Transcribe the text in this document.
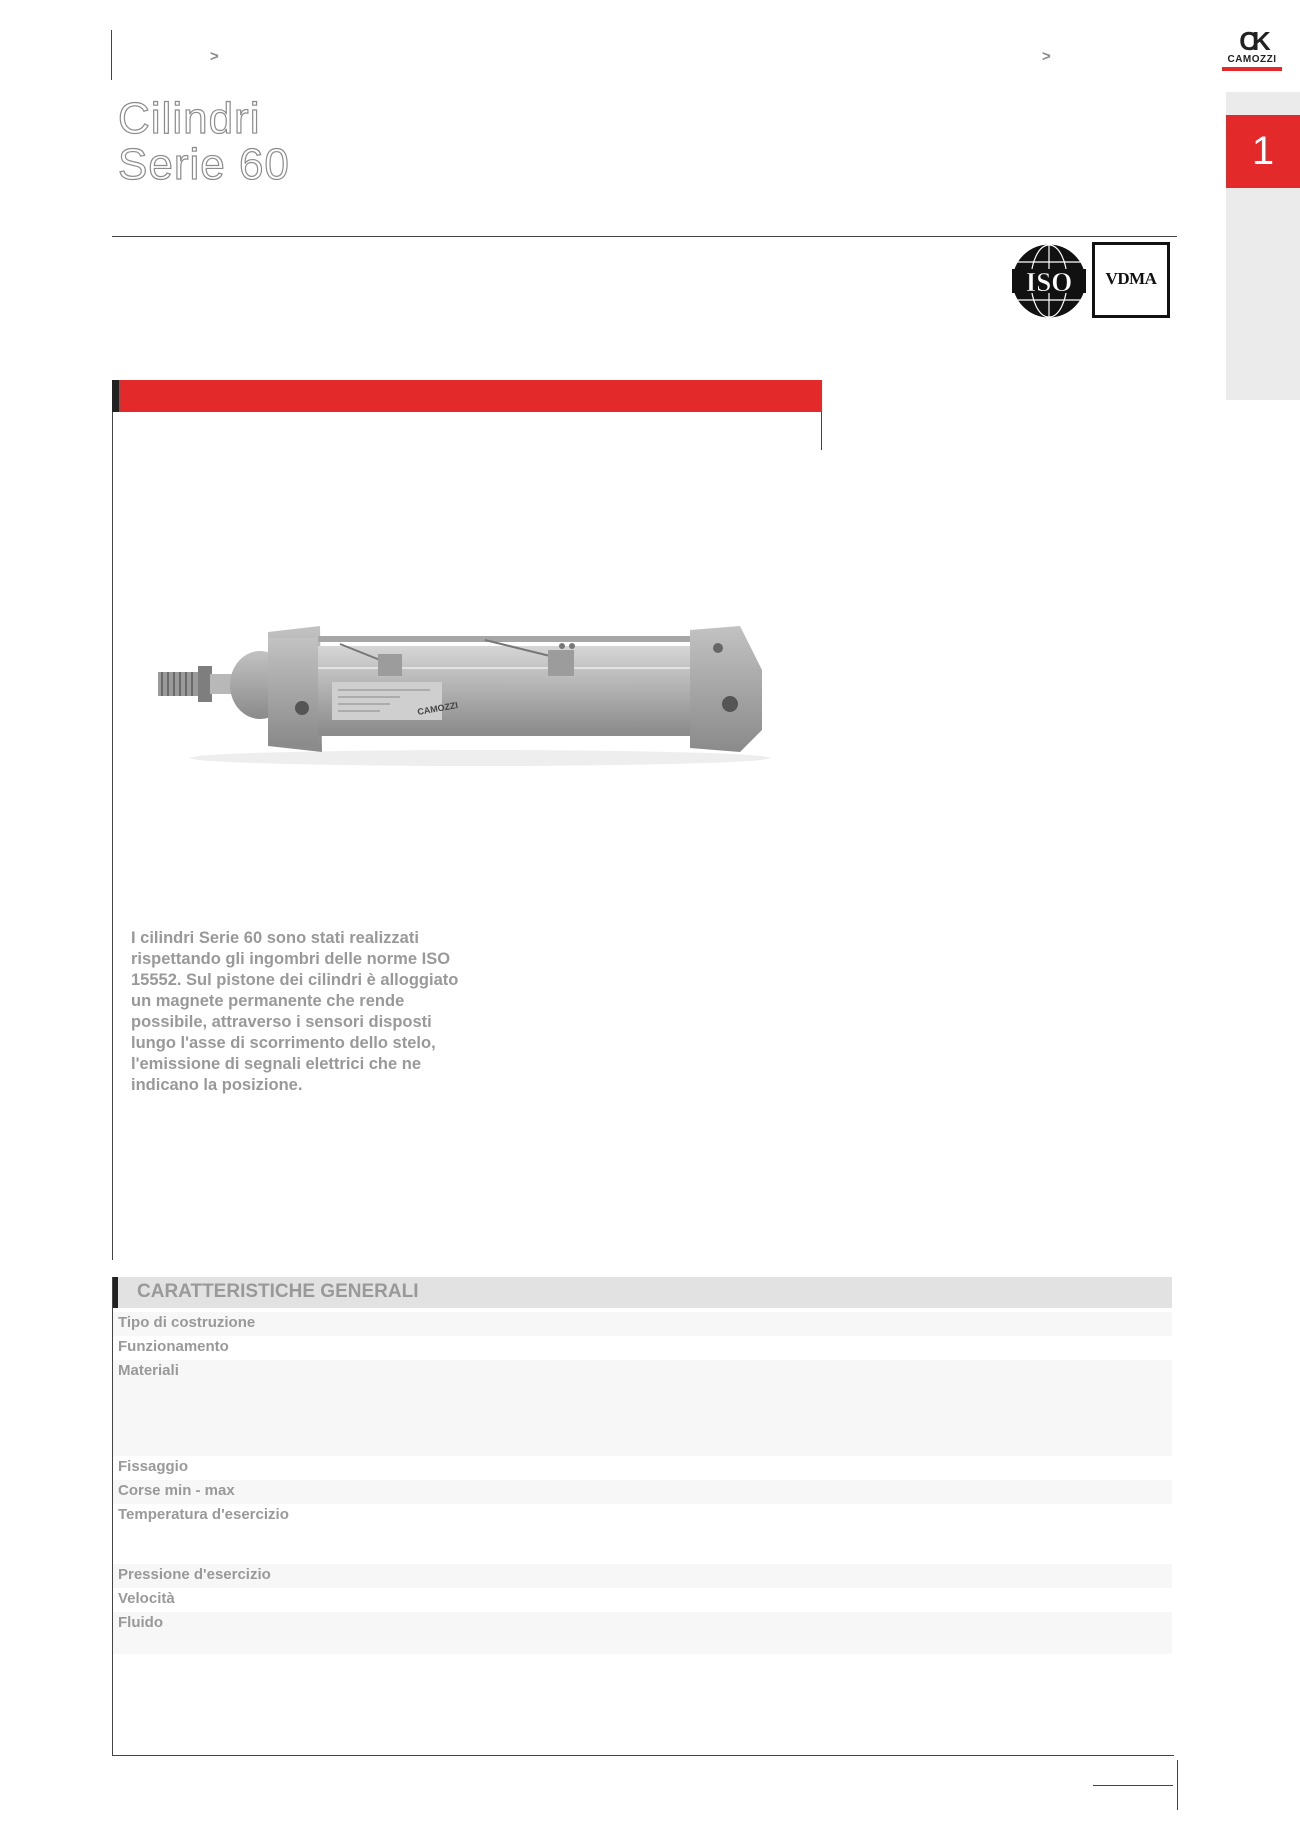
>	>
Cilindri
Serie 60
CK
CAMOZZI
1
ISO	VDMA
CAMOZZI
I cilindri Serie 60 sono stati realizzati rispettando gli ingombri delle norme ISO 15552. Sul pistone dei cilindri è alloggiato un magnete permanente che rende possibile, attraverso i sensori disposti lungo l'asse di scorrimento dello stelo, l'emissione di segnali elettrici che ne indicano la posizione.
CARATTERISTICHE GENERALI
Tipo di costruzione
Funzionamento
Materiali
Fissaggio
Corse min - max
Temperatura d'esercizio
Pressione d'esercizio
Velocità
Fluido
